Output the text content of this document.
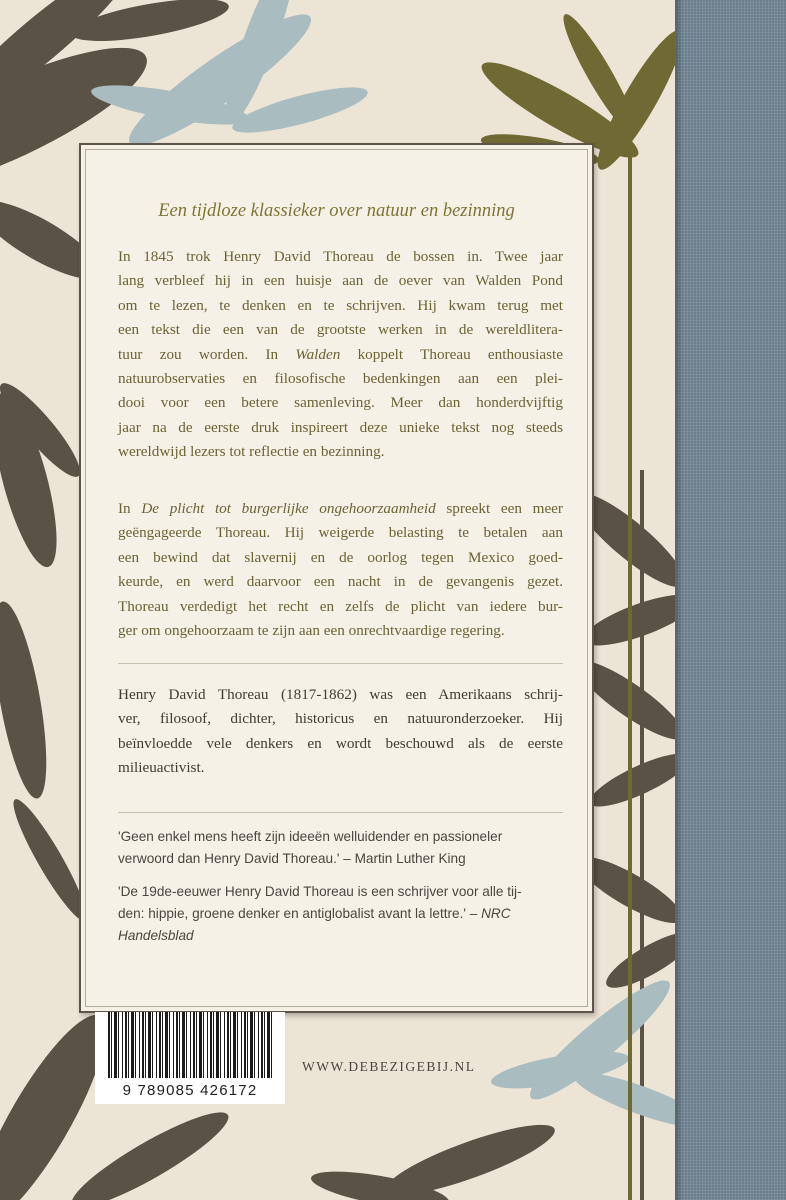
Een tijdloze klassieker over natuur en bezinning

In 1845 trok Henry David Thoreau de bossen in. Twee jaar
lang verbleef hij in een huisje aan de oever van Walden Pond
om te lezen, te denken en te schrijven. Hij kwam terug met
een tekst die een van de grootste werken in de wereldlitera-
tuur zou worden. In Walden koppelt Thoreau enthousiaste
natuurobservaties en filosofische bedenkingen aan een plei-
dooi voor een betere samenleving. Meer dan honderdvijftig
jaar na de eerste druk inspireert deze unieke tekst nog steeds
wereldwijd lezers tot reflectie en bezinning.

In De plicht tot burgerlijke ongehoorzaamheid spreekt een meer
geëngageerde Thoreau. Hij weigerde belasting te betalen aan
een bewind dat slavernij en de oorlog tegen Mexico goed-
keurde, en werd daarvoor een nacht in de gevangenis gezet.
Thoreau verdedigt het recht en zelfs de plicht van iedere bur-
ger om ongehoorzaam te zijn aan een onrechtvaardige regering.

Henry David Thoreau (1817-1862) was een Amerikaans schrij-
ver, filosoof, dichter, historicus en natuuronderzoeker. Hij
beïnvloedde vele denkers en wordt beschouwd als de eerste
milieuactivist.

'Geen enkel mens heeft zijn ideeën welluidender en passioneler
verwoord dan Henry David Thoreau.' – Martin Luther King

'De 19de-eeuwer Henry David Thoreau is een schrijver voor alle tij-
den: hippie, groene denker en antiglobalist avant la lettre.' – NRC
Handelsblad

9 789085 426172
WWW.DEBEZIGEBIJ.NL
